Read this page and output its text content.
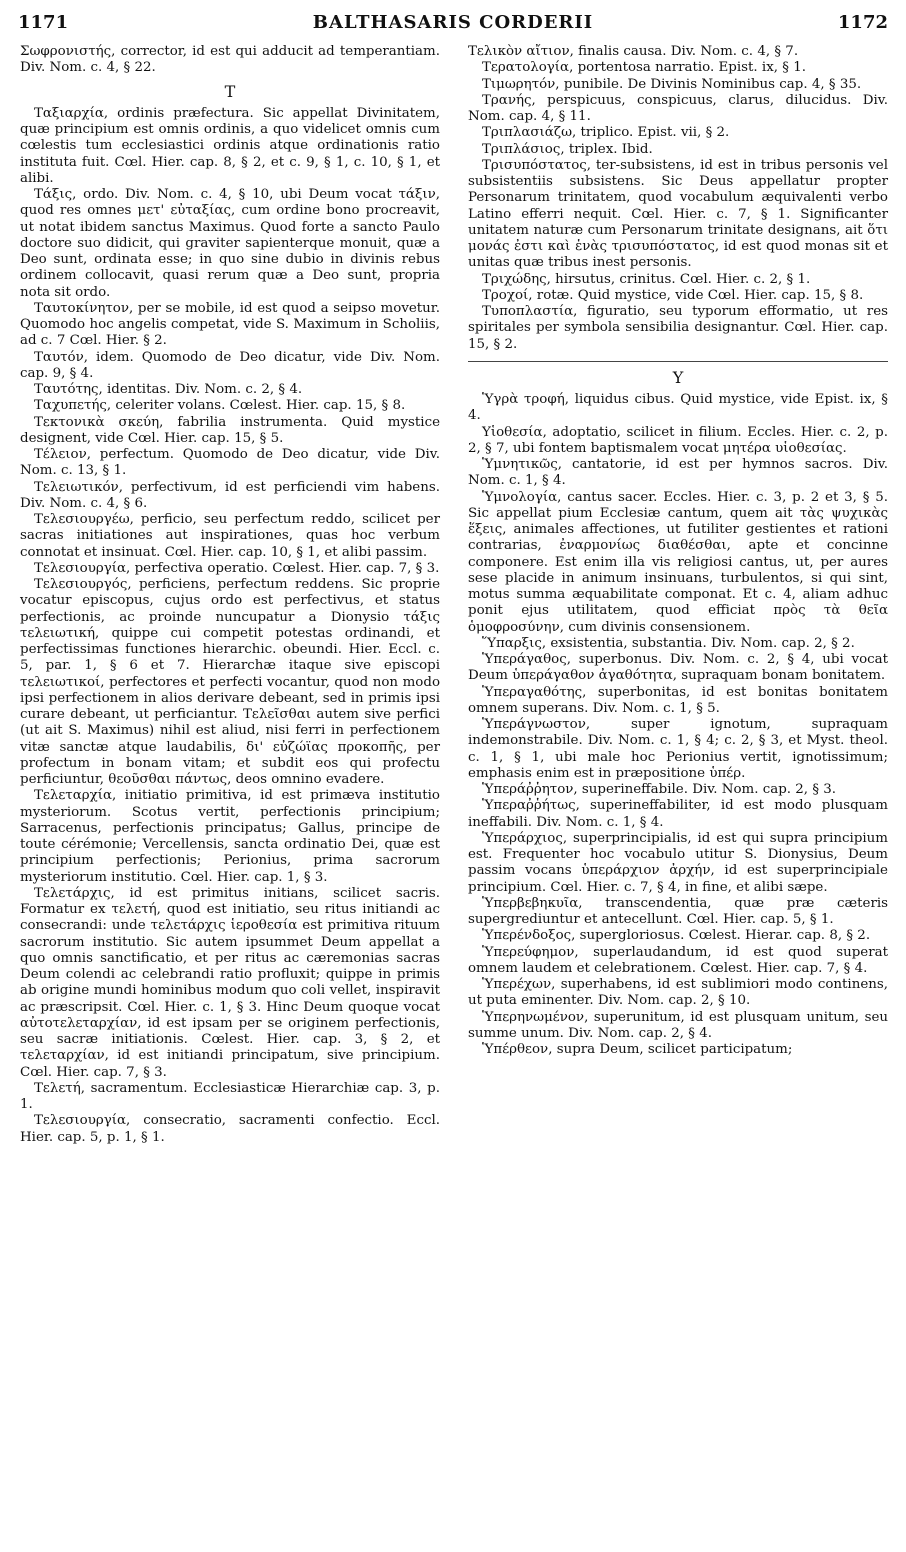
1171	BALTHASARIS CORDERII	1172

Σωφρονιστής, corrector, id est qui adducit ad temperantiam. Div. Nom. c. 4, § 22.

T

Ταξιαρχία, ordinis præfectura. Sic appellat Divinitatem, quæ principium est omnis ordinis, a quo videlicet omnis cum cœlestis tum ecclesiastici ordinis atque ordinationis ratio instituta fuit. Cœl. Hier. cap. 8, § 2, et c. 9, § 1, c. 10, § 1, et alibi.

Τάξις, ordo. Div. Nom. c. 4, § 10, ubi Deum vocat τάξιν, quod res omnes μετ' εὐταξίας, cum ordine bono procreavit, ut notat ibidem sanctus Maximus. Quod forte a sancto Paulo doctore suo didicit, qui graviter sapienterque monuit, quæ a Deo sunt, ordinata esse; in quo sine dubio in divinis rebus ordinem collocavit, quasi rerum quæ a Deo sunt, propria nota sit ordo.

Ταυτοκίνητον, per se mobile, id est quod a seipso movetur. Quomodo hoc angelis competat, vide S. Maximum in Scholiis, ad c. 7 Cœl. Hier. § 2.

Ταυτόν, idem. Quomodo de Deo dicatur, vide Div. Nom. cap. 9, § 4.

Ταυτότης, identitas. Div. Nom. c. 2, § 4.

Ταχυπετής, celeriter volans. Cœlest. Hier. cap. 15, § 8.

Τεκτονικὰ σκεύη, fabrilia instrumenta. Quid mystice designent, vide Cœl. Hier. cap. 15, § 5.

Τέλειον, perfectum. Quomodo de Deo dicatur, vide Div. Nom. c. 13, § 1.

Τελειωτικόν, perfectivum, id est perficiendi vim habens. Div. Nom. c. 4, § 6.

Τελεσιουργέω, perficio, seu perfectum reddo, scilicet per sacras initiationes aut inspirationes, quas hoc verbum connotat et insinuat. Cœl. Hier. cap. 10, § 1, et alibi passim.

Τελεσιουργία, perfectiva operatio. Cœlest. Hier. cap. 7, § 3.

Τελεσιουργός, perficiens, perfectum reddens. Sic proprie vocatur episcopus, cujus ordo est perfectivus, et status perfectionis, ac proinde nuncupatur a Dionysio τάξις τελειωτική, quippe cui competit potestas ordinandi, et perfectissimas functiones hierarchic. obeundi. Hier. Eccl. c. 5, par. 1, § 6 et 7. Hierarchæ itaque sive episcopi τελειωτικοί, perfectores et perfecti vocantur, quod non modo ipsi perfectionem in alios derivare debeant, sed in primis ipsi curare debeant, ut perficiantur. Τελεῖσθαι autem sive perfici (ut ait S. Maximus) nihil est aliud, nisi ferri in perfectionem vitæ sanctæ atque laudabilis, δι' εὐζώϊας προκοπῆς, per profectum in bonam vitam; et subdit eos qui profectu perficiuntur, θεοῦσθαι πάντως, deos omnino evadere.

Τελεταρχία, initiatio primitiva, id est primæva institutio mysteriorum. Scotus vertit, perfectionis principium; Sarracenus, perfectionis principatus; Gallus, principe de toute cérémonie; Vercellensis, sancta ordinatio Dei, quæ est principium perfectionis; Perionius, prima sacrorum mysteriorum institutio. Cœl. Hier. cap. 1, § 3.

Τελετάρχις, id est primitus initians, scilicet sacris. Formatur ex τελετή, quod est initiatio, seu ritus initiandi ac consecrandi: unde τελετάρχις ἱεροθεσία est primitiva rituum sacrorum institutio. Sic autem ipsummet Deum appellat a quo omnis sanctificatio, et per ritus ac cæremonias sacras Deum colendi ac celebrandi ratio profluxit; quippe in primis ab origine mundi hominibus modum quo coli vellet, inspiravit ac præscripsit. Cœl. Hier. c. 1, § 3. Hinc Deum quoque vocat αὐτοτελεταρχίαν, id est ipsam per se originem perfectionis, seu sacræ initiationis. Cœlest. Hier. cap. 3, § 2, et τελεταρχίαν, id est initiandi principatum, sive principium. Cœl. Hier. cap. 7, § 3.

Τελετή, sacramentum. Ecclesiasticæ Hierarchiæ cap. 3, p. 1.

Τελεσιουργία, consecratio, sacramenti confectio. Eccl. Hier. cap. 5, p. 1, § 1.

Τελικὸν αἴτιον, finalis causa. Div. Nom. c. 4, § 7.

Τερατολογία, portentosa narratio. Epist. ix, § 1.

Τιμωρητόν, punibile. De Divinis Nominibus cap. 4, § 35.

Τρανής, perspicuus, conspicuus, clarus, dilucidus. Div. Nom. cap. 4, § 11.

Τριπλασιάζω, triplico. Epist. vii, § 2.

Τριπλάσιος, triplex. Ibid.

Τρισυπόστατος, ter-subsistens, id est in tribus personis vel subsistentiis subsistens. Sic Deus appellatur propter Personarum trinitatem, quod vocabulum æquivalenti verbo Latino efferri nequit. Cœl. Hier. c. 7, § 1. Significanter unitatem naturæ cum Personarum trinitate designans, ait ὅτι μονάς ἐστι καὶ ἑνὰς τρισυπόστατος, id est quod monas sit et unitas quæ tribus inest personis.

Τριχώδης, hirsutus, crinitus. Cœl. Hier. c. 2, § 1.

Τροχοί, rotæ. Quid mystice, vide Cœl. Hier. cap. 15, § 8.

Τυποπλαστία, figuratio, seu typorum efformatio, ut res spiritales per symbola sensibilia designantur. Cœl. Hier. cap. 15, § 2.

Υ

Ὑγρὰ τροφή, liquidus cibus. Quid mystice, vide Epist. ix, § 4.

Υἱοθεσία, adoptatio, scilicet in filium. Eccles. Hier. c. 2, p. 2, § 7, ubi fontem baptismalem vocat μητέρα υἱοθεσίας.

Ὑμνητικῶς, cantatorie, id est per hymnos sacros. Div. Nom. c. 1, § 4.

Ὑμνολογία, cantus sacer. Eccles. Hier. c. 3, p. 2 et 3, § 5. Sic appellat pium Ecclesiæ cantum, quem ait τὰς ψυχικὰς ἕξεις, animales affectiones, ut futiliter gestientes et rationi contrarias, ἐναρμονίως διαθέσθαι, apte et concinne componere. Est enim illa vis religiosi cantus, ut, per aures sese placide in animum insinuans, turbulentos, si qui sint, motus summa æquabilitate componat. Et c. 4, aliam adhuc ponit ejus utilitatem, quod efficiat πρὸς τὰ θεῖα ὁμοφροσύνην, cum divinis consensionem.

Ὕπαρξις, exsistentia, substantia. Div. Nom. cap. 2, § 2.

Ὑπεράγαθος, superbonus. Div. Nom. c. 2, § 4, ubi vocat Deum ὑπεράγαθον ἀγαθότητα, supraquam bonam bonitatem.

Ὑπεραγαθότης, superbonitas, id est bonitas bonitatem omnem superans. Div. Nom. c. 1, § 5.

Ὑπεράγνωστον, super ignotum, supraquam indemonstrabile. Div. Nom. c. 1, § 4; c. 2, § 3, et Myst. theol. c. 1, § 1, ubi male hoc Perionius vertit, ignotissimum; emphasis enim est in præpositione ὑπέρ.

Ὑπεράῤῥητον, superineffabile. Div. Nom. cap. 2, § 3.

Ὑπεραῤῥήτως, superineffabiliter, id est modo plusquam ineffabili. Div. Nom. c. 1, § 4.

Ὑπεράρχιος, superprincipialis, id est qui supra principium est. Frequenter hoc vocabulo utitur S. Dionysius, Deum passim vocans ὑπεράρχιον ἀρχήν, id est superprincipiale principium. Cœl. Hier. c. 7, § 4, in fine, et alibi sæpe.

Ὑπερβεβηκυῖα, transcendentia, quæ præ cæteris supergrediuntur et antecellunt. Cœl. Hier. cap. 5, § 1.

Ὑπερένδοξος, supergloriosus. Cœlest. Hierar. cap. 8, § 2.

Ὑπερεύφημον, superlaudandum, id est quod superat omnem laudem et celebrationem. Cœlest. Hier. cap. 7, § 4.

Ὑπερέχων, superhabens, id est sublimiori modo continens, ut puta eminenter. Div. Nom. cap. 2, § 10.

Ὑπερηνωμένον, superunitum, id est plusquam unitum, seu summe unum. Div. Nom. cap. 2, § 4.

Ὑπέρθεον, supra Deum, scilicet participatum;
